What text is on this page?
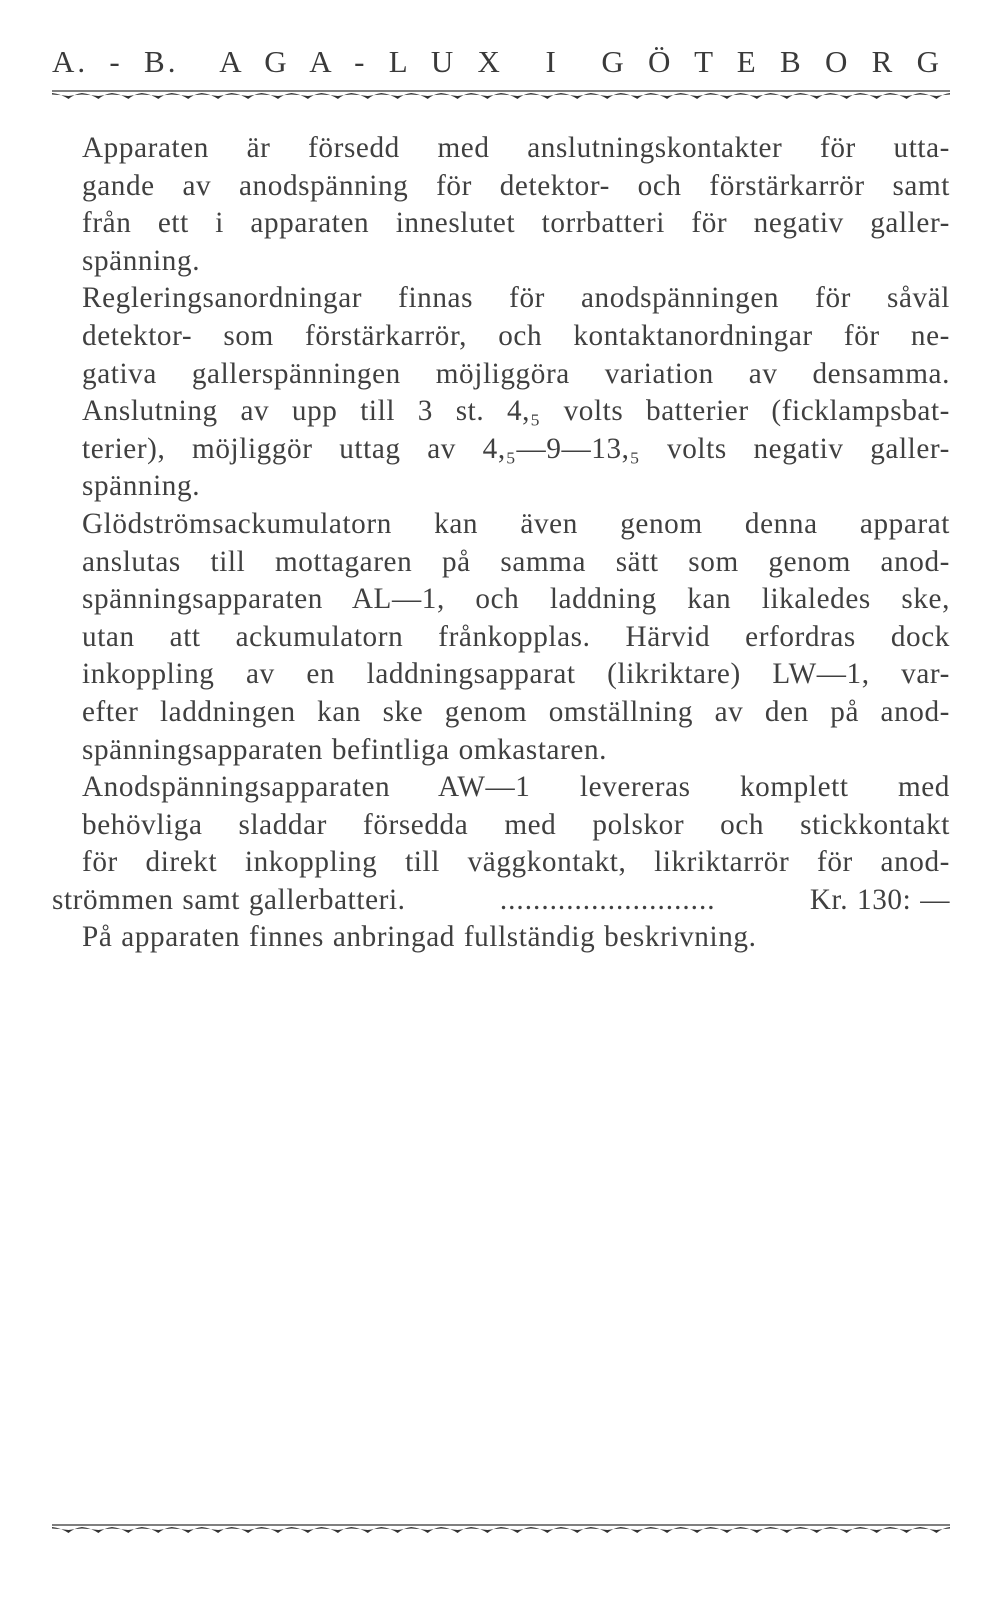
A. - B.  A G A - L U X  I  G Ö T E B O R G

Apparaten är försedd med anslutningskontakter för utta-
gande av anodspänning för detektor- och förstärkarrör samt
från ett i apparaten inneslutet torrbatteri för negativ galler-
spänning.

Regleringsanordningar finnas för anodspänningen för såväl
detektor- som förstärkarrör, och kontaktanordningar för ne-
gativa gallerspänningen möjliggöra variation av densamma.
Anslutning av upp till 3 st. 4,₅ volts batterier (ficklampsbat-
terier), möjliggör uttag av 4,₅—9—13,₅ volts negativ galler-
spänning.

Glödströmsackumulatorn kan även genom denna apparat
anslutas till mottagaren på samma sätt som genom anod-
spänningsapparaten AL—1, och laddning kan likaledes ske,
utan att ackumulatorn frånkopplas. Härvid erfordras dock
inkoppling av en laddningsapparat (likriktare) LW—1, var-
efter laddningen kan ske genom omställning av den på anod-
spänningsapparaten befintliga omkastaren.

Anodspänningsapparaten AW—1 levereras komplett med
behövliga sladdar försedda med polskor och stickkontakt
för direkt inkoppling till väggkontakt, likriktarrör för anod-
strömmen samt gallerbatteri.	..........................	Kr. 130: —

På apparaten finnes anbringad fullständig beskrivning.
